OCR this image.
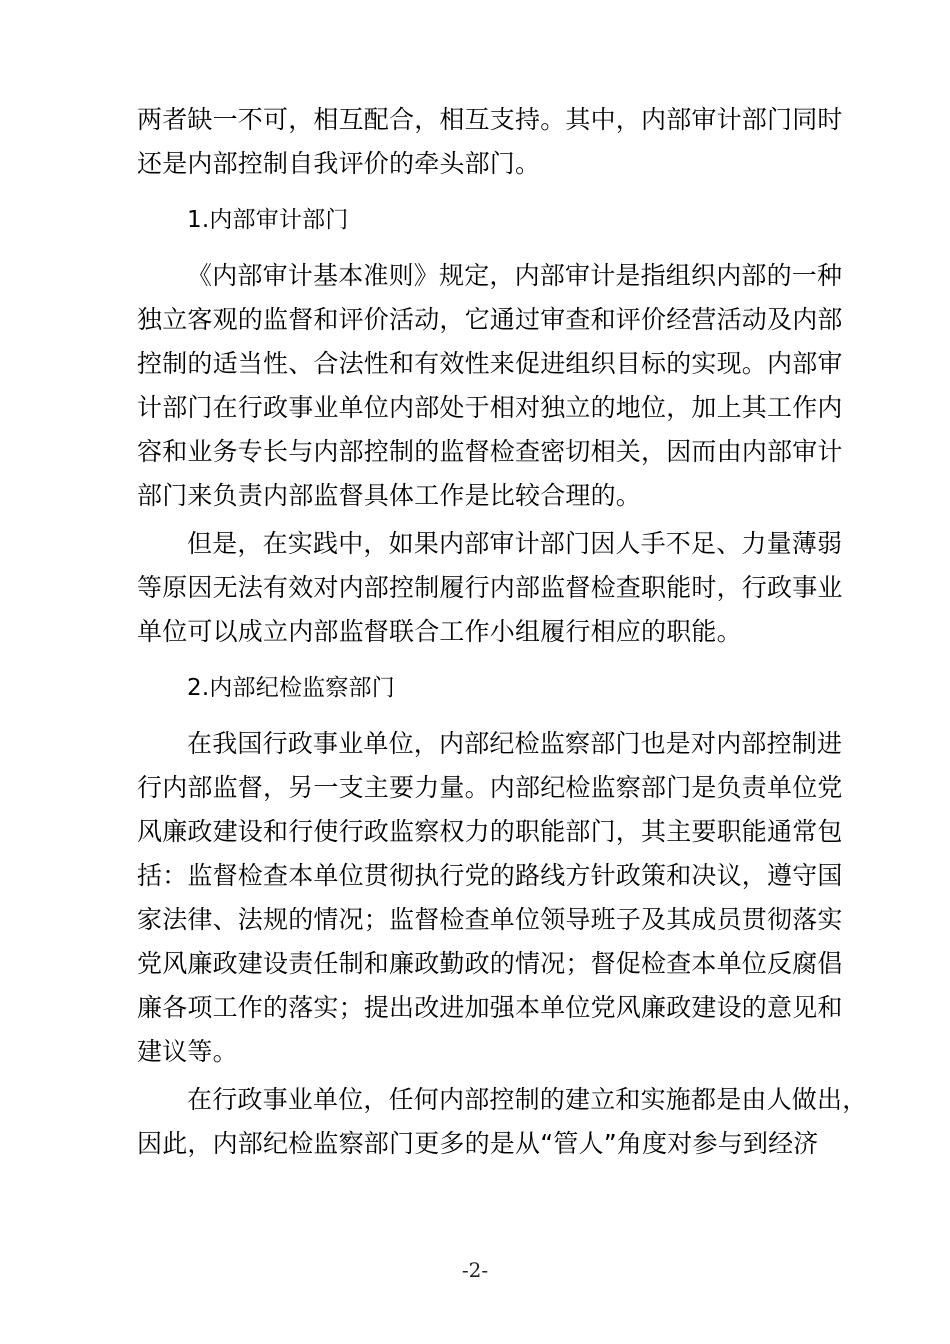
两者缺一不可，相互配合，相互支持。其中，内部审计部门同时
还是内部控制自我评价的牵头部门。
1.内部审计部门
《内部审计基本准则》规定，内部审计是指组织内部的一种
独立客观的监督和评价活动，它通过审查和评价经营活动及内部
控制的适当性、合法性和有效性来促进组织目标的实现。内部审
计部门在行政事业单位内部处于相对独立的地位，加上其工作内
容和业务专长与内部控制的监督检查密切相关，因而由内部审计
部门来负责内部监督具体工作是比较合理的。
但是，在实践中，如果内部审计部门因人手不足、力量薄弱
等原因无法有效对内部控制履行内部监督检查职能时，行政事业
单位可以成立内部监督联合工作小组履行相应的职能。
2.内部纪检监察部门
在我国行政事业单位，内部纪检监察部门也是对内部控制进
行内部监督，另一支主要力量。内部纪检监察部门是负责单位党
风廉政建设和行使行政监察权力的职能部门，其主要职能通常包
括：监督检查本单位贯彻执行党的路线方针政策和决议，遵守国
家法律、法规的情况；监督检查单位领导班子及其成员贯彻落实
党风廉政建设责任制和廉政勤政的情况；督促检查本单位反腐倡
廉各项工作的落实；提出改进加强本单位党风廉政建设的意见和
建议等。
在行政事业单位，任何内部控制的建立和实施都是由人做出，
因此，内部纪检监察部门更多的是从“管人”角度对参与到经济
-2-
